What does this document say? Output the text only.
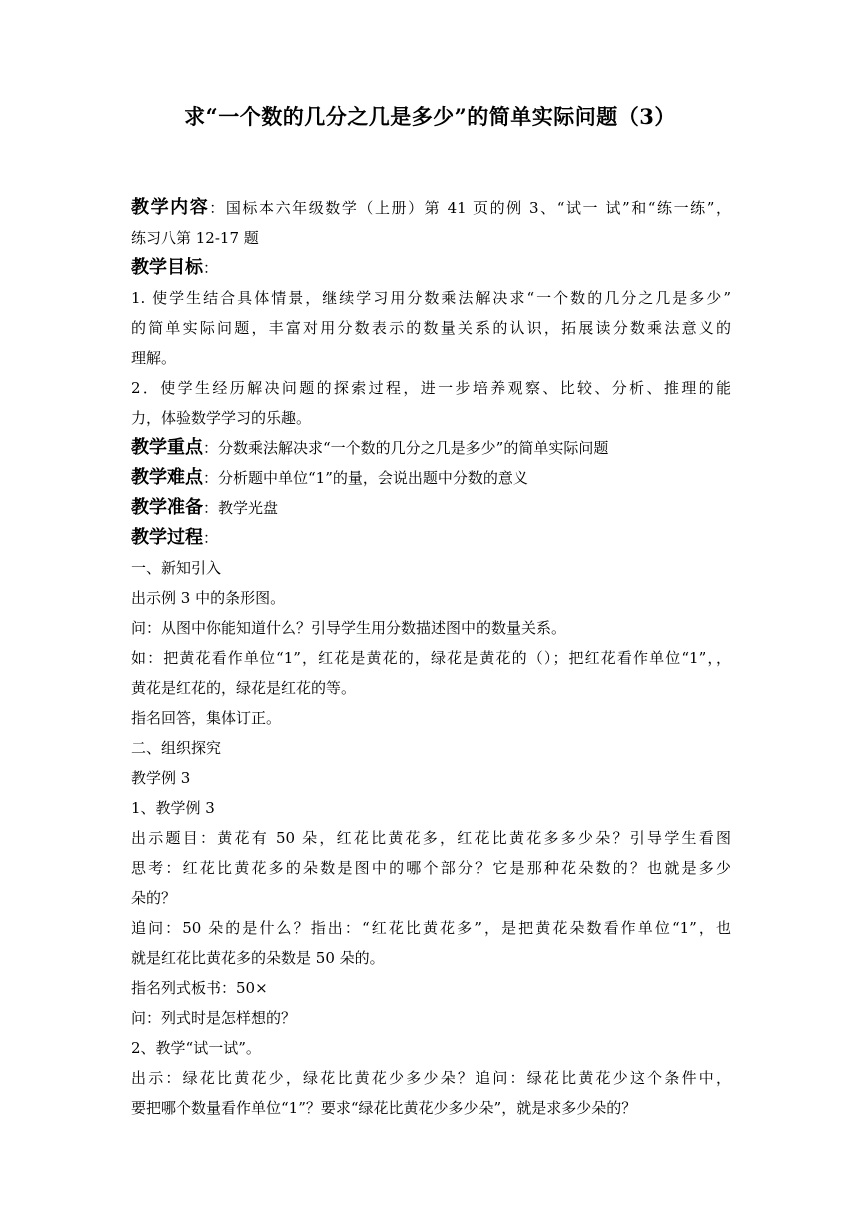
求“一个数的几分之几是多少”的简单实际问题（3）
教学内容：国标本六年级数学（上册）第 41 页的例 3、“试一 试”和“练一练”，
练习八第 12-17 题
教学目标：
1. 使学生结合具体情景，继续学习用分数乘法解决求“一个数的几分之几是多少”
的简单实际问题，丰富对用分数表示的数量关系的认识，拓展读分数乘法意义的
理解。
2．使学生经历解决问题的探索过程，进一步培养观察、比较、分析、推理的能
力，体验数学学习的乐趣。
教学重点：分数乘法解决求“一个数的几分之几是多少”的简单实际问题
教学难点：分析题中单位“1”的量，会说出题中分数的意义
教学准备：教学光盘
教学过程：
一、新知引入
出示例 3 中的条形图。
问：从图中你能知道什么？引导学生用分数描述图中的数量关系。
如：把黄花看作单位“1”，红花是黄花的，绿花是黄花的（）；把红花看作单位“1”，，
黄花是红花的，绿花是红花的等。
指名回答，集体订正。
二、组织探究
教学例 3
1、教学例 3
出示题目：黄花有 50 朵，红花比黄花多，红花比黄花多多少朵？引导学生看图
思考：红花比黄花多的朵数是图中的哪个部分？它是那种花朵数的？也就是多少
朵的？
追问：50 朵的是什么？指出：“红花比黄花多”，是把黄花朵数看作单位“1”，也
就是红花比黄花多的朵数是 50 朵的。
指名列式板书：50×
问：列式时是怎样想的？
2、教学“试一试”。
出示：绿花比黄花少，绿花比黄花少多少朵？追问：绿花比黄花少这个条件中，
要把哪个数量看作单位“1”？要求“绿花比黄花少多少朵”，就是求多少朵的？
